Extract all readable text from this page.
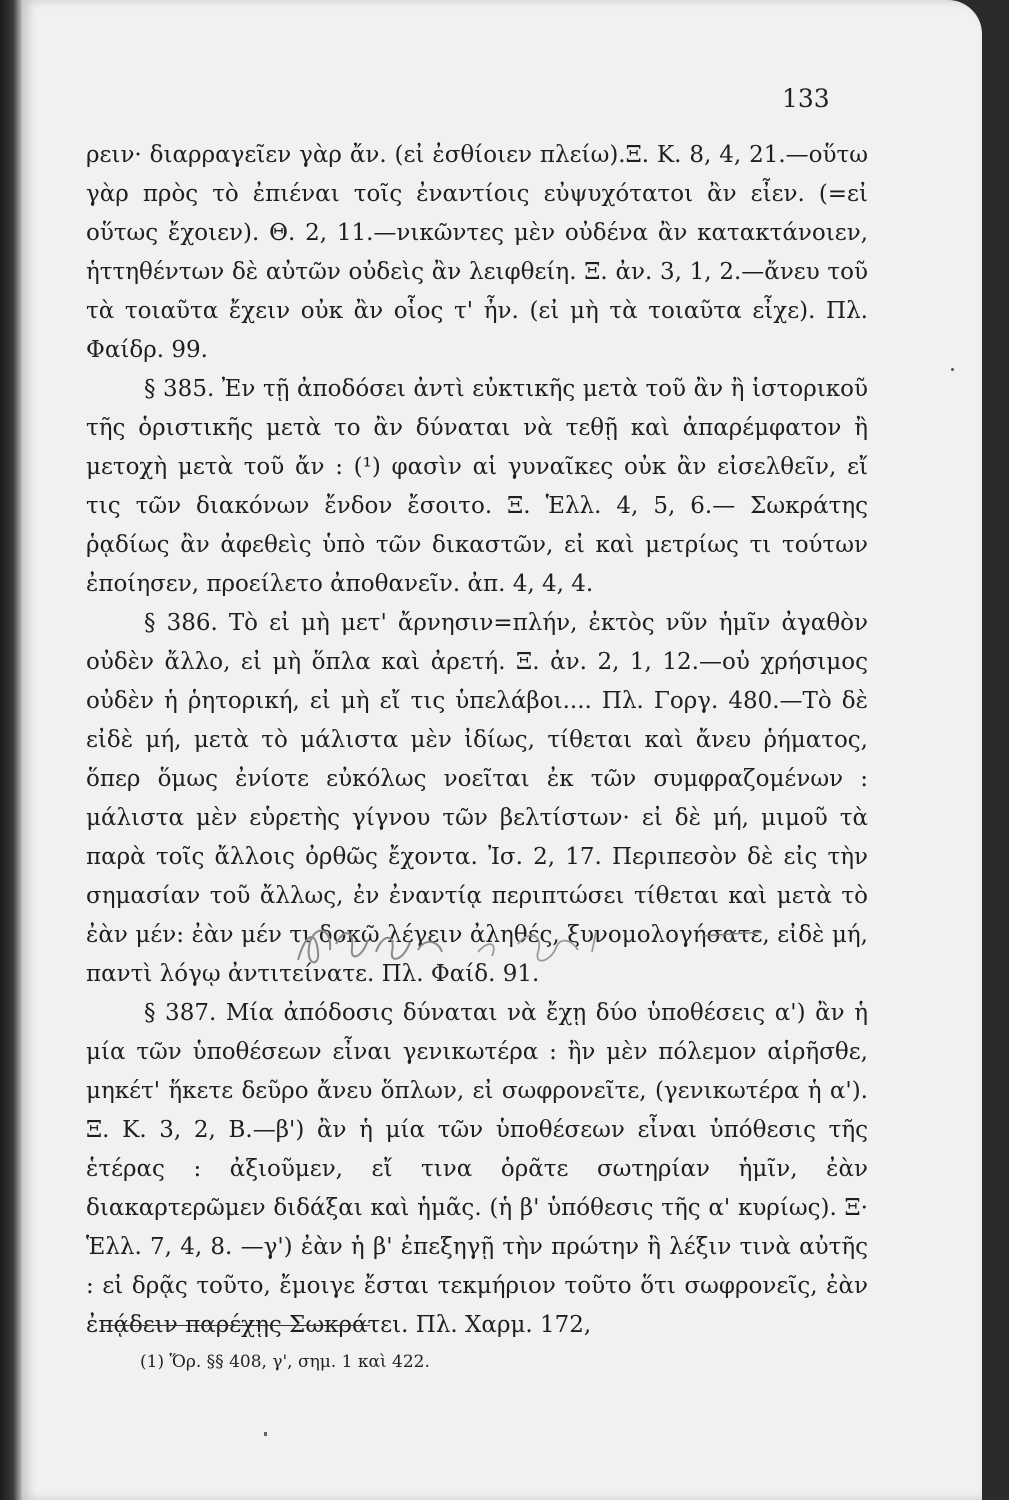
133

ρειν· διαρραγεῖεν γὰρ ἄν. (εἰ ἐσθίοιεν πλείω).Ξ. Κ. 8, 4, 21.—οὕτω γὰρ πρὸς τὸ ἐπιέναι τοῖς ἐναντίοις εὐψυχότατοι ἂν εἶεν. (=εἰ οὕτως ἔχοιεν). Θ. 2, 11.—νικῶντες μὲν οὐδένα ἂν κατακτάνοιεν, ἡττηθέντων δὲ αὐτῶν οὐδεὶς ἂν λειφθείη. Ξ. ἀν. 3, 1, 2.—ἄνευ τοῦ τὰ τοιαῦτα ἔχειν οὐκ ἂν οἷος τ' ἦν. (εἰ μὴ τὰ τοιαῦτα εἶχε). Πλ. Φαίδρ. 99.

§ 385. Ἐν τῇ ἀποδόσει ἀντὶ εὐκτικῆς μετὰ τοῦ ἂν ἢ ἱστορικοῦ τῆς ὁριστικῆς μετὰ το ἂν δύναται νὰ τεθῇ καὶ ἀπαρέμφατον ἢ μετοχὴ μετὰ τοῦ ἄν : (¹) φασὶν αἱ γυναῖκες οὐκ ἂν εἰσελθεῖν, εἴ τις τῶν διακόνων ἔνδον ἔσοιτο. Ξ. Ἑλλ. 4, 5, 6.— Σωκράτης ῥᾳδίως ἂν ἀφεθεὶς ὑπὸ τῶν δικαστῶν, εἰ καὶ μετρίως τι τούτων ἐποίησεν, προείλετο ἀποθανεῖν. ἀπ. 4, 4, 4.

§ 386. Τὸ εἰ μὴ μετ' ἄρνησιν=πλήν, ἐκτὸς νῦν ἡμῖν ἀγαθὸν οὐδὲν ἄλλο, εἰ μὴ ὅπλα καὶ ἀρετή. Ξ. ἀν. 2, 1, 12.—οὐ χρήσιμος οὐδὲν ἡ ῥητορική, εἰ μὴ εἴ τις ὑπελάβοι.... Πλ. Γοργ. 480.—Τὸ δὲ εἰδὲ μή, μετὰ τὸ μάλιστα μὲν ἰδίως, τίθεται καὶ ἄνευ ῥήματος, ὅπερ ὅμως ἐνίοτε εὐκόλως νοεῖται ἐκ τῶν συμφραζομένων : μάλιστα μὲν εὑρετὴς γίγνου τῶν βελτίστων· εἰ δὲ μή, μιμοῦ τὰ παρὰ τοῖς ἄλλοις ὀρθῶς ἔχοντα. Ἰσ. 2, 17. Περιπεσὸν δὲ εἰς τὴν σημασίαν τοῦ ἄλλως, ἐν ἐναντίᾳ περιπτώσει τίθεται καὶ μετὰ τὸ ἐὰν μέν: ἐὰν μέν τι δοκῶ λέγειν ἀληθές, ξυνομολογήσατε, εἰδὲ μή, παντὶ λόγῳ ἀντιτείνατε. Πλ. Φαίδ. 91.

§ 387. Μία ἀπόδοσις δύναται νὰ ἔχῃ δύο ὑποθέσεις α') ἂν ἡ μία τῶν ὑποθέσεων εἶναι γενικωτέρα : ἢν μὲν πόλεμον αἱρῆσθε, μηκέτ' ἥκετε δεῦρο ἄνευ ὅπλων, εἰ σωφρονεῖτε, (γενικωτέρα ἡ α'). Ξ. Κ. 3, 2, Β.—β') ἂν ἡ μία τῶν ὑποθέσεων εἶναι ὑπόθεσις τῆς ἑτέρας : ἀξιοῦμεν, εἴ τινα ὁρᾶτε σωτηρίαν ἡμῖν, ἐὰν διακαρτερῶμεν διδάξαι καὶ ἡμᾶς. (ἡ β' ὑπόθεσις τῆς α' κυρίως). Ξ· Ἑλλ. 7, 4, 8. —γ') ἐὰν ἡ β' ἐπεξηγῇ τὴν πρώτην ἢ λέξιν τινὰ αὐτῆς : εἰ δρᾷς τοῦτο, ἔμοιγε ἔσται τεκμήριον τοῦτο ὅτι σωφρονεῖς, ἐὰν ἐπᾴδειν παρέχῃς Σωκράτει. Πλ. Χαρμ. 172,

(1) Ὅρ. §§ 408, γ', σημ. 1 καὶ 422.
